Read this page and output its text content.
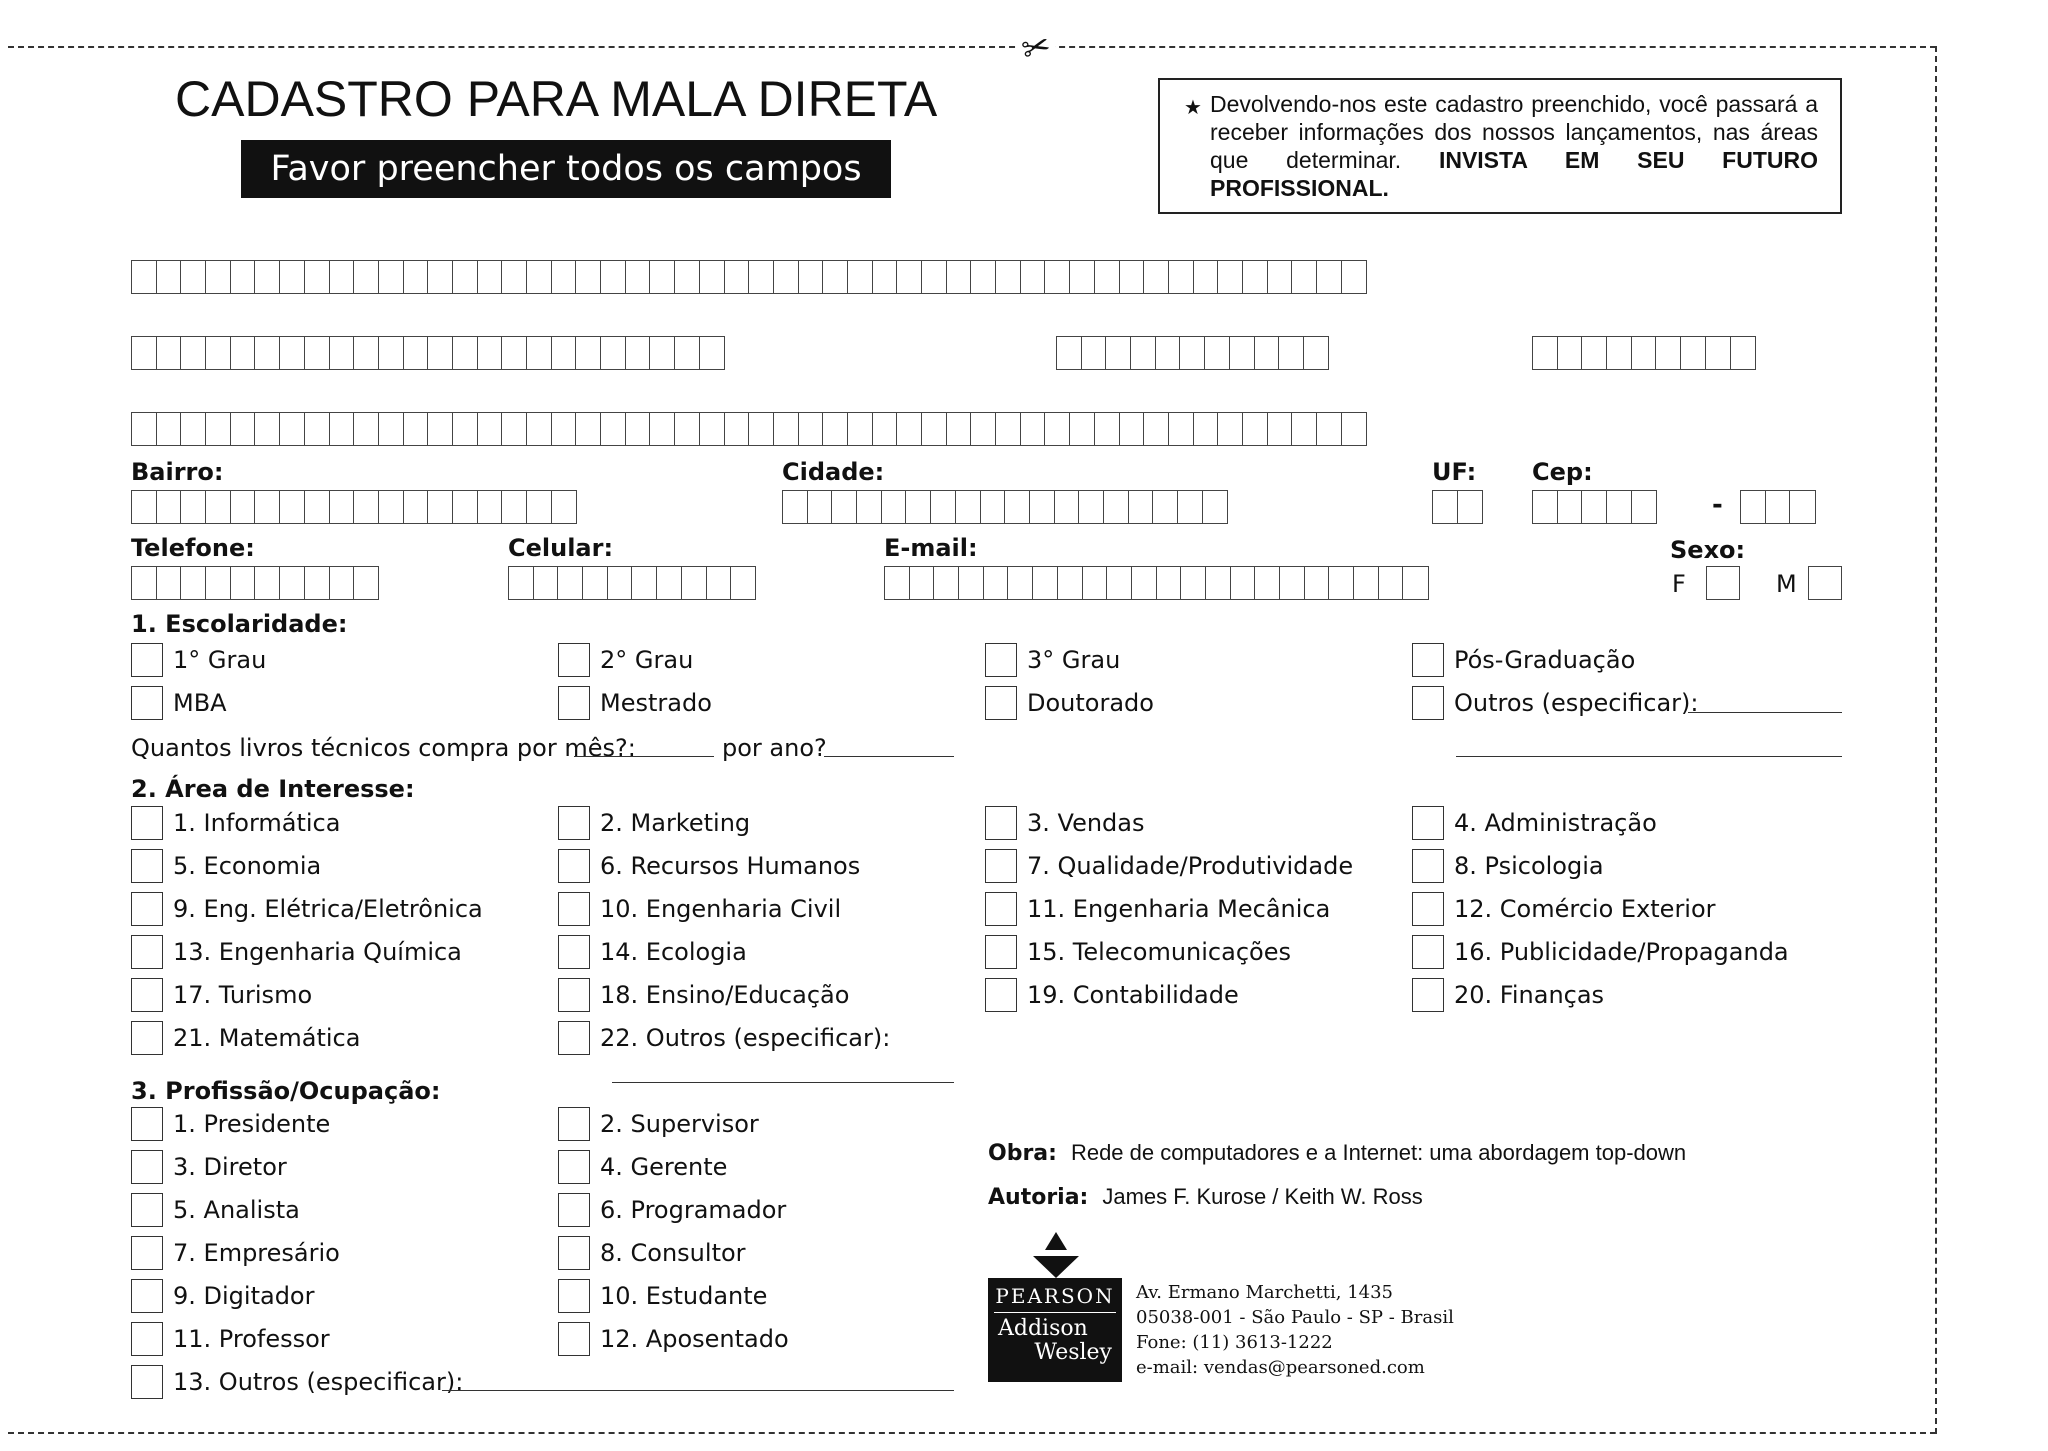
✂
CADASTRO PARA MALA DIRETA
Favor preencher todos os campos
★ Devolvendo-nos este cadastro preenchido, você passará a receber informações dos nossos lançamentos, nas áreas que determinar. INVISTA EM SEU FUTURO PROFISSIONAL.
Bairro:	Cidade:	UF: Cep:
-
Telefone:	Celular:	E-mail:	Sexo:
F	M
1. Escolaridade:
1° Grau	2° Grau	3° Grau	Pós-Graduação
MBA	Mestrado	Doutorado	Outros (especificar):
Quantos livros técnicos compra por mês?:	por ano?
2. Área de Interesse:
1. Informática	2. Marketing	3. Vendas	4. Administração
5. Economia	6. Recursos Humanos	7. Qualidade/Produtividade	8. Psicologia
9. Eng. Elétrica/Eletrônica	10. Engenharia Civil	11. Engenharia Mecânica	12. Comércio Exterior
13. Engenharia Química	14. Ecologia	15. Telecomunicações	16. Publicidade/Propaganda
17. Turismo	18. Ensino/Educação	19. Contabilidade	20. Finanças
21. Matemática	22. Outros (especificar):
3. Profissão/Ocupação:
1. Presidente	2. Supervisor
3. Diretor	4. Gerente
5. Analista	6. Programador
7. Empresário	8. Consultor
9. Digitador	10. Estudante
11. Professor	12. Aposentado
13. Outros (especificar):
Obra: Rede de computadores e a Internet: uma abordagem top-down
Autoria: James F. Kurose / Keith W. Ross
PEARSON
Addison
Wesley
Av. Ermano Marchetti, 1435
05038-001 - São Paulo - SP - Brasil
Fone: (11) 3613-1222
e-mail: vendas@pearsoned.com
